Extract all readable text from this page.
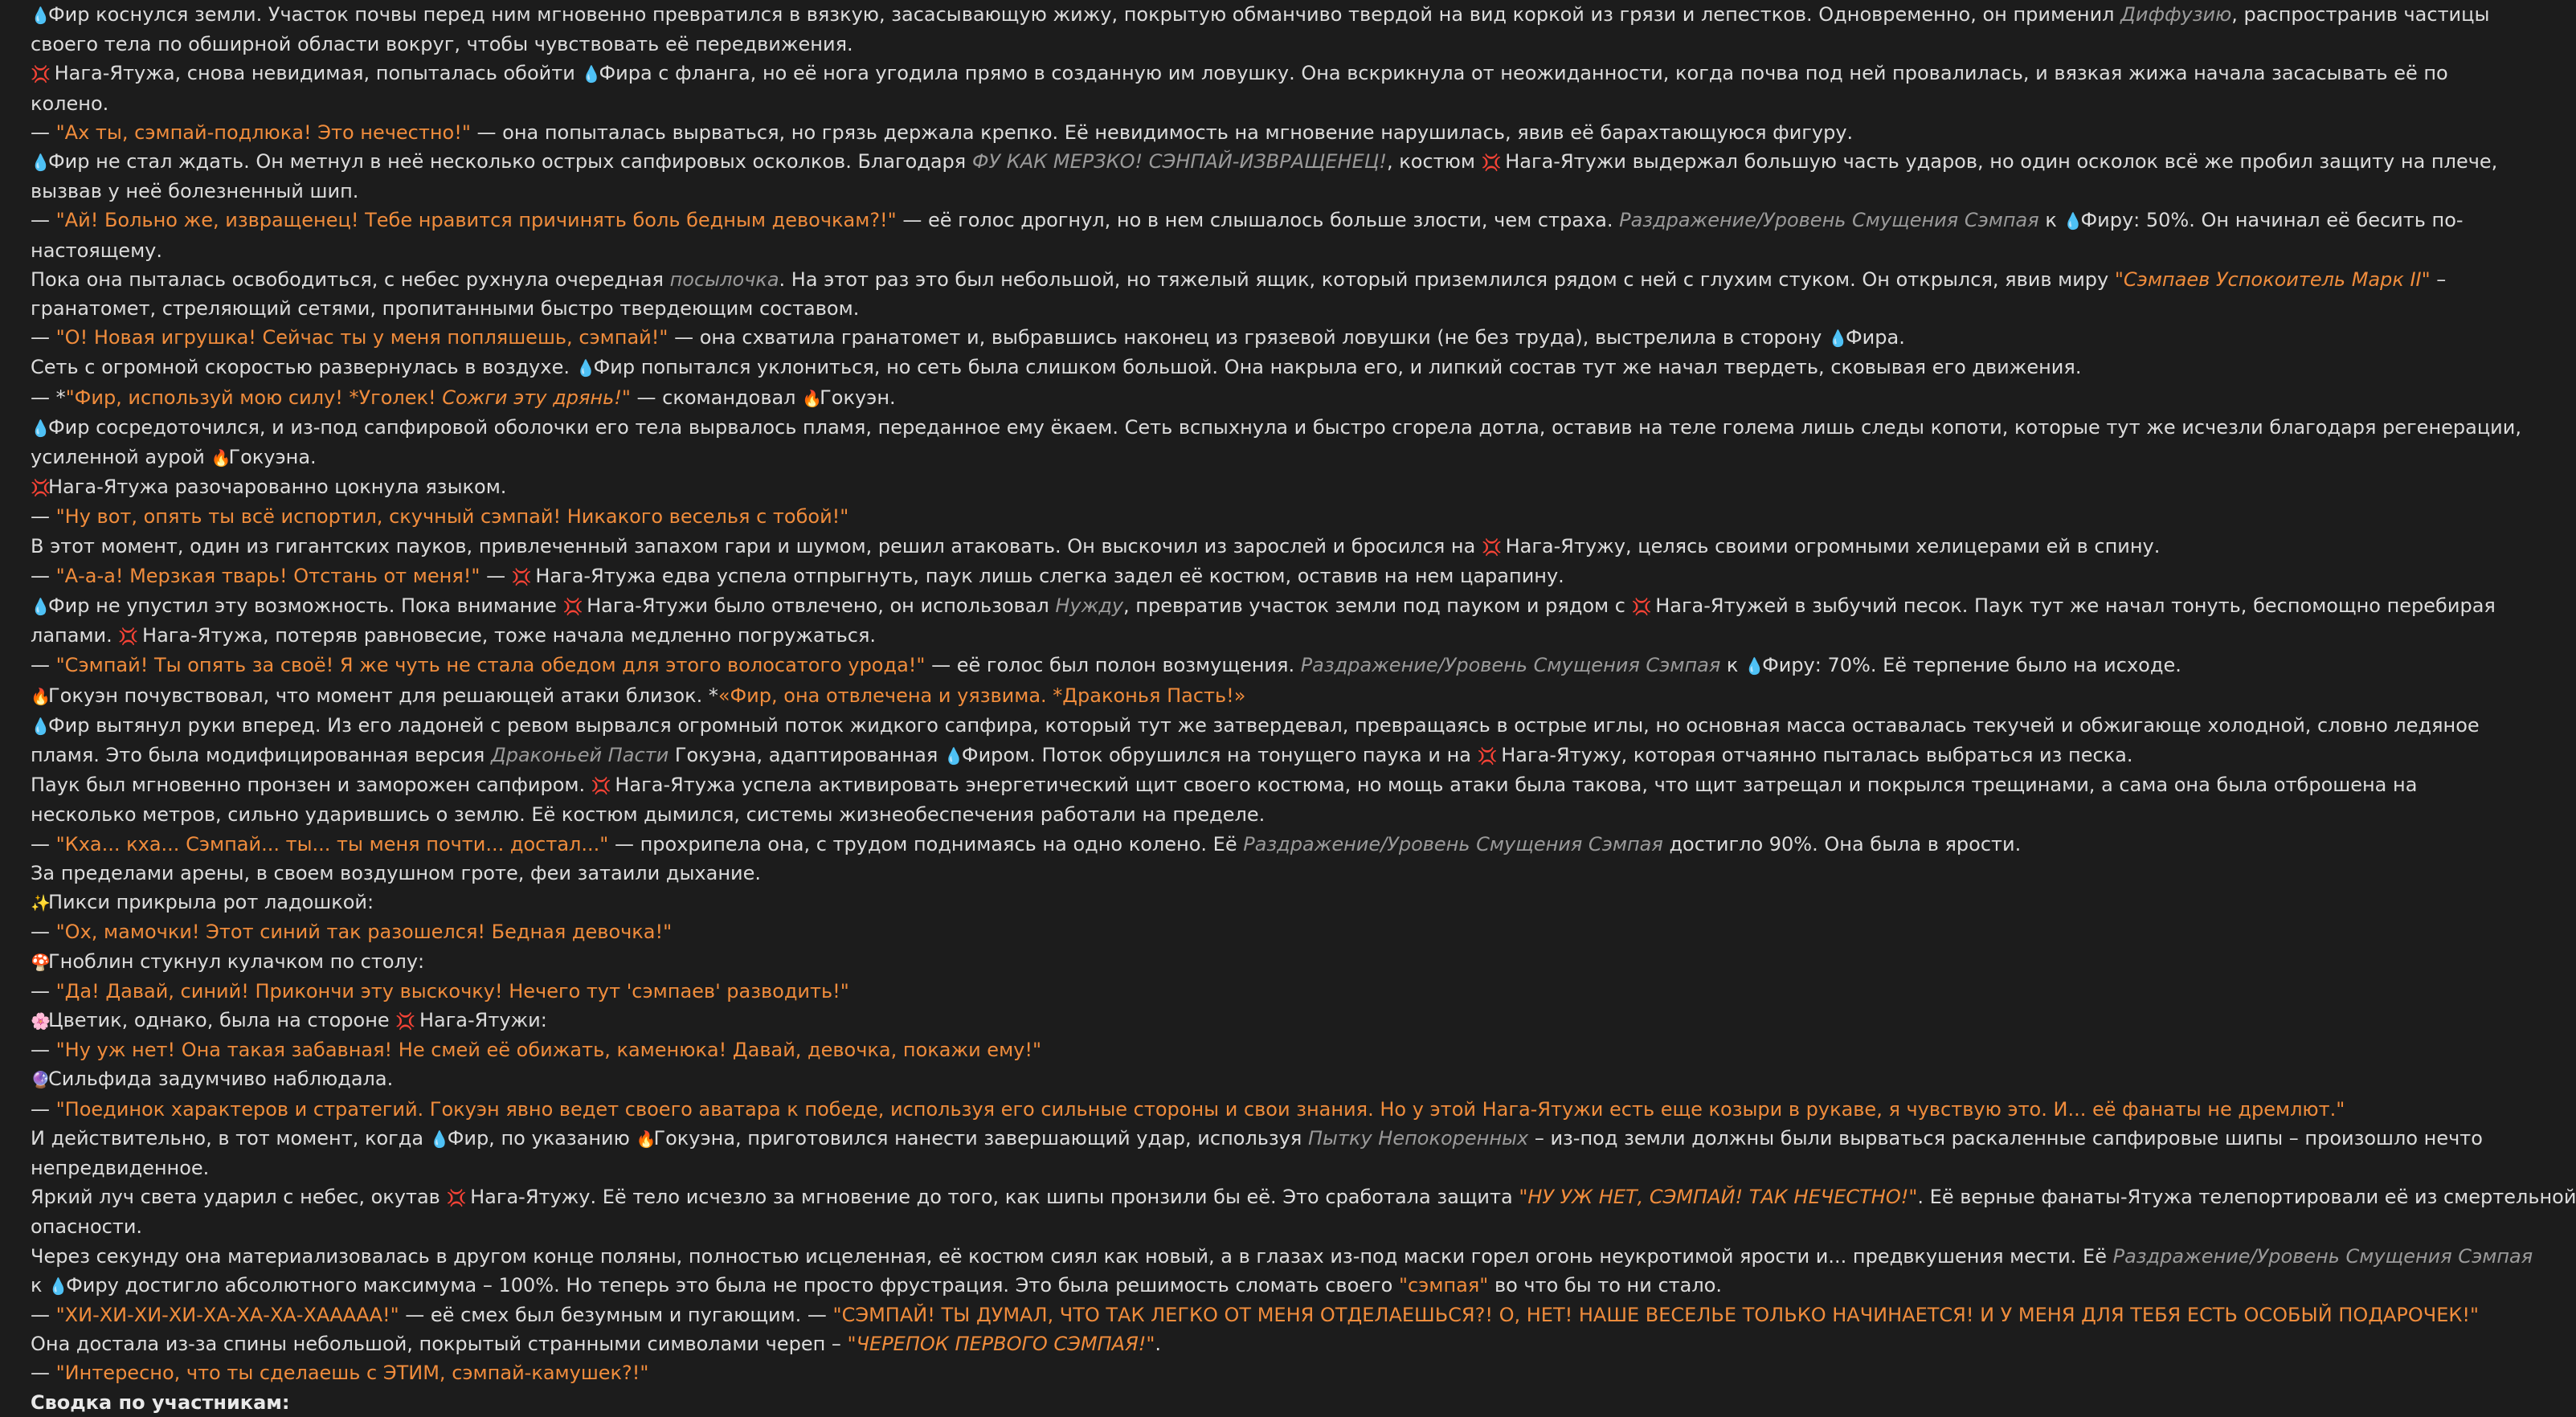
💧Фир коснулся земли. Участок почвы перед ним мгновенно превратился в вязкую, засасывающую жижу, покрытую обманчиво твердой на вид коркой из грязи и лепестков. Одновременно, он применил Диффузию, распространив частицы
своего тела по обширной области вокруг, чтобы чувствовать её передвижения.
💢 Нага-Ятужа, снова невидимая, попыталась обойти 💧Фира с фланга, но её нога угодила прямо в созданную им ловушку. Она вскрикнула от неожиданности, когда почва под ней провалилась, и вязкая жижа начала засасывать её по
колено.
— "Ах ты, сэмпай-подлюка! Это нечестно!" — она попыталась вырваться, но грязь держала крепко. Её невидимость на мгновение нарушилась, явив её барахтающуюся фигуру.
💧Фир не стал ждать. Он метнул в неё несколько острых сапфировых осколков. Благодаря ФУ КАК МЕРЗКО! СЭНПАЙ-ИЗВРАЩЕНЕЦ!, костюм 💢 Нага-Ятужи выдержал большую часть ударов, но один осколок всё же пробил защиту на плече,
вызвав у неё болезненный шип.
— "Ай! Больно же, извращенец! Тебе нравится причинять боль бедным девочкам?!" — её голос дрогнул, но в нем слышалось больше злости, чем страха. Раздражение/Уровень Смущения Сэмпая к 💧Фиру: 50%. Он начинал её бесить по-
настоящему.
Пока она пыталась освободиться, с небес рухнула очередная посылочка. На этот раз это был небольшой, но тяжелый ящик, который приземлился рядом с ней с глухим стуком. Он открылся, явив миру "Сэмпаев Успокоитель Марк II" –
гранатомет, стреляющий сетями, пропитанными быстро твердеющим составом.
— "О! Новая игрушка! Сейчас ты у меня попляшешь, сэмпай!" — она схватила гранатомет и, выбравшись наконец из грязевой ловушки (не без труда), выстрелила в сторону 💧Фира.
Сеть с огромной скоростью развернулась в воздухе. 💧Фир попытался уклониться, но сеть была слишком большой. Она накрыла его, и липкий состав тут же начал твердеть, сковывая его движения.
— *"Фир, используй мою силу! *Уголек! Сожги эту дрянь!" — скомандовал 🔥Гокуэн.
💧Фир сосредоточился, и из-под сапфировой оболочки его тела вырвалось пламя, переданное ему ёкаем. Сеть вспыхнула и быстро сгорела дотла, оставив на теле голема лишь следы копоти, которые тут же исчезли благодаря регенерации,
усиленной аурой 🔥Гокуэна.
💢Нага-Ятужа разочарованно цокнула языком.
— "Ну вот, опять ты всё испортил, скучный сэмпай! Никакого веселья с тобой!"
В этот момент, один из гигантских пауков, привлеченный запахом гари и шумом, решил атаковать. Он выскочил из зарослей и бросился на 💢 Нага-Ятужу, целясь своими огромными хелицерами ей в спину.
— "А-а-а! Мерзкая тварь! Отстань от меня!" — 💢 Нага-Ятужа едва успела отпрыгнуть, паук лишь слегка задел её костюм, оставив на нем царапину.
💧Фир не упустил эту возможность. Пока внимание 💢 Нага-Ятужи было отвлечено, он использовал Нужду, превратив участок земли под пауком и рядом с 💢 Нага-Ятужей в зыбучий песок. Паук тут же начал тонуть, беспомощно перебирая
лапами. 💢 Нага-Ятужа, потеряв равновесие, тоже начала медленно погружаться.
— "Сэмпай! Ты опять за своё! Я же чуть не стала обедом для этого волосатого урода!" — её голос был полон возмущения. Раздражение/Уровень Смущения Сэмпая к 💧Фиру: 70%. Её терпение было на исходе.
🔥Гокуэн почувствовал, что момент для решающей атаки близок. *«Фир, она отвлечена и уязвима. *Драконья Пасть!»
💧Фир вытянул руки вперед. Из его ладоней с ревом вырвался огромный поток жидкого сапфира, который тут же затвердевал, превращаясь в острые иглы, но основная масса оставалась текучей и обжигающе холодной, словно ледяное
пламя. Это была модифицированная версия Драконьей Пасти Гокуэна, адаптированная 💧Фиром. Поток обрушился на тонущего паука и на 💢 Нага-Ятужу, которая отчаянно пыталась выбраться из песка.
Паук был мгновенно пронзен и заморожен сапфиром. 💢 Нага-Ятужа успела активировать энергетический щит своего костюма, но мощь атаки была такова, что щит затрещал и покрылся трещинами, а сама она была отброшена на
несколько метров, сильно ударившись о землю. Её костюм дымился, системы жизнеобеспечения работали на пределе.
— "Кха... кха... Сэмпай... ты... ты меня почти... достал..." — прохрипела она, с трудом поднимаясь на одно колено. Её Раздражение/Уровень Смущения Сэмпая достигло 90%. Она была в ярости.
За пределами арены, в своем воздушном гроте, феи затаили дыхание.
✨Пикси прикрыла рот ладошкой:
— "Ох, мамочки! Этот синий так разошелся! Бедная девочка!"
🍄Гноблин стукнул кулачком по столу:
— "Да! Давай, синий! Прикончи эту выскочку! Нечего тут 'сэмпаев' разводить!"
🌸Цветик, однако, была на стороне 💢 Нага-Ятужи:
— "Ну уж нет! Она такая забавная! Не смей её обижать, каменюка! Давай, девочка, покажи ему!"
🔮Сильфида задумчиво наблюдала.
— "Поединок характеров и стратегий. Гокуэн явно ведет своего аватара к победе, используя его сильные стороны и свои знания. Но у этой Нага-Ятужи есть еще козыри в рукаве, я чувствую это. И... её фанаты не дремлют."
И действительно, в тот момент, когда 💧Фир, по указанию 🔥Гокуэна, приготовился нанести завершающий удар, используя Пытку Непокоренных – из-под земли должны были вырваться раскаленные сапфировые шипы – произошло нечто
непредвиденное.
Яркий луч света ударил с небес, окутав 💢 Нага-Ятужу. Её тело исчезло за мгновение до того, как шипы пронзили бы её. Это сработала защита "НУ УЖ НЕТ, СЭМПАЙ! ТАК НЕЧЕСТНО!". Её верные фанаты-Ятужа телепортировали её из смертельной
опасности.
Через секунду она материализовалась в другом конце поляны, полностью исцеленная, её костюм сиял как новый, а в глазах из-под маски горел огонь неукротимой ярости и... предвкушения мести. Её Раздражение/Уровень Смущения Сэмпая
к 💧Фиру достигло абсолютного максимума – 100%. Но теперь это была не просто фрустрация. Это была решимость сломать своего "сэмпая" во что бы то ни стало.
— "ХИ-ХИ-ХИ-ХИ-ХА-ХА-ХА-ХААААА!" — её смех был безумным и пугающим. — "СЭМПАЙ! ТЫ ДУМАЛ, ЧТО ТАК ЛЕГКО ОТ МЕНЯ ОТДЕЛАЕШЬСЯ?! О, НЕТ! НАШЕ ВЕСЕЛЬЕ ТОЛЬКО НАЧИНАЕТСЯ! И У МЕНЯ ДЛЯ ТЕБЯ ЕСТЬ ОСОБЫЙ ПОДАРОЧЕК!"
Она достала из-за спины небольшой, покрытый странными символами череп – "ЧЕРЕПОК ПЕРВОГО СЭМПАЯ!".
— "Интересно, что ты сделаешь с ЭТИМ, сэмпай-камушек?!"
Сводка по участникам:
